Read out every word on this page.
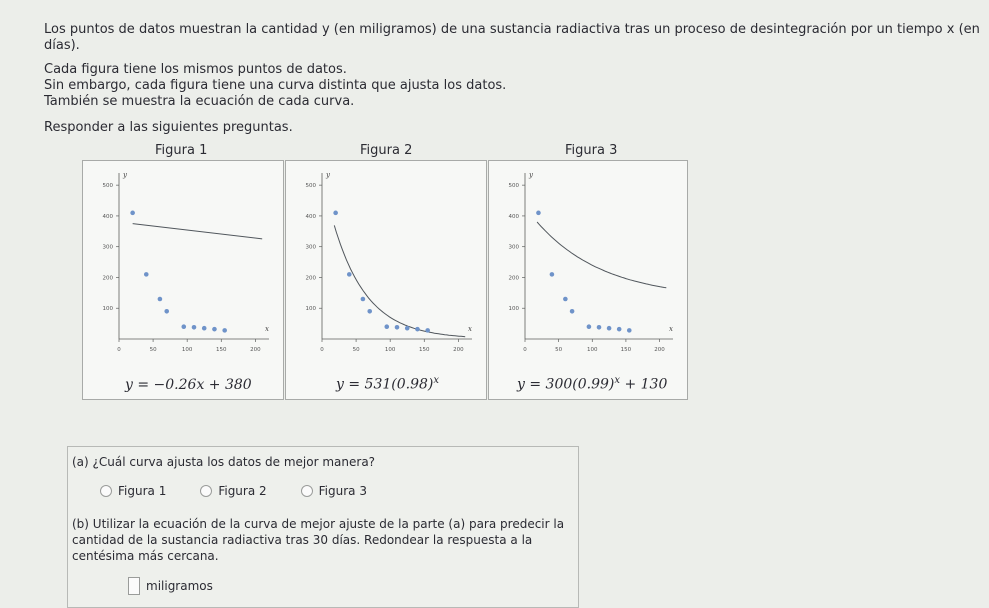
Los puntos de datos muestran la cantidad y (en miligramos) de una sustancia radiactiva tras un proceso de desintegración por un tiempo x (en días).

Cada figura tiene los mismos puntos de datos.

Sin embargo, cada figura tiene una curva distinta que ajusta los datos.

También se muestra la ecuación de cada curva.

Responder a las siguientes preguntas.

Figura 1	Figura 2	Figura 3
0	50	100	150	200
100
200
300
400
500
x
y
y = −0.26x + 380
0	50	100	150	200
100
200
300
400
500
x
y
$y = 531(0.98)^x$
0	50	100	150	200
100
200
300
400
500
x
y
$y = 300(0.99)^x + 130$
(a) ¿Cuál curva ajusta los datos de mejor manera?
Figura 1	Figura 2	Figura 3
(b) Utilizar la ecuación de la curva de mejor ajuste de la parte (a) para predecir la cantidad de la sustancia radiactiva tras 30 días. Redondear la respuesta a la centésima más cercana.
miligramos
